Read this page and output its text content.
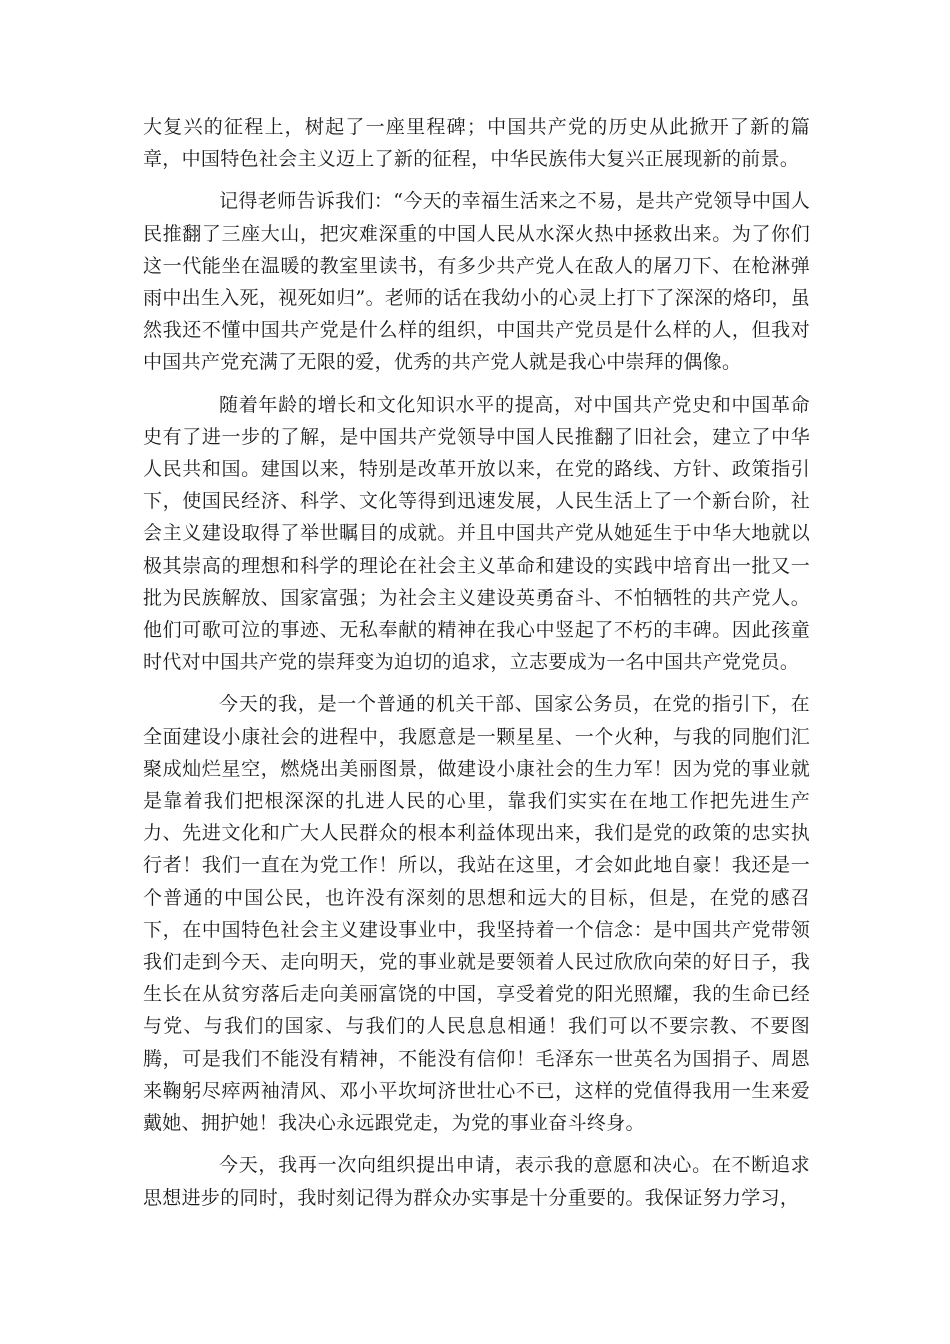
大复兴的征程上，树起了一座里程碑；中国共产党的历史从此掀开了新的篇章，中国特色社会主义迈上了新的征程，中华民族伟大复兴正展现新的前景。

记得老师告诉我们：“今天的幸福生活来之不易，是共产党领导中国人民推翻了三座大山，把灾难深重的中国人民从水深火热中拯救出来。为了你们这一代能坐在温暖的教室里读书，有多少共产党人在敌人的屠刀下、在枪淋弹雨中出生入死，视死如归”。老师的话在我幼小的心灵上打下了深深的烙印，虽然我还不懂中国共产党是什么样的组织，中国共产党员是什么样的人，但我对中国共产党充满了无限的爱，优秀的共产党人就是我心中崇拜的偶像。

随着年龄的增长和文化知识水平的提高，对中国共产党史和中国革命史有了进一步的了解，是中国共产党领导中国人民推翻了旧社会，建立了中华人民共和国。建国以来，特别是改革开放以来，在党的路线、方针、政策指引下，使国民经济、科学、文化等得到迅速发展，人民生活上了一个新台阶，社会主义建设取得了举世瞩目的成就。并且中国共产党从她延生于中华大地就以极其崇高的理想和科学的理论在社会主义革命和建设的实践中培育出一批又一批为民族解放、国家富强；为社会主义建设英勇奋斗、不怕牺牲的共产党人。他们可歌可泣的事迹、无私奉献的精神在我心中竖起了不朽的丰碑。因此孩童时代对中国共产党的崇拜变为迫切的追求，立志要成为一名中国共产党党员。

今天的我，是一个普通的机关干部、国家公务员，在党的指引下，在全面建设小康社会的进程中，我愿意是一颗星星、一个火种，与我的同胞们汇聚成灿烂星空，燃烧出美丽图景，做建设小康社会的生力军！因为党的事业就是靠着我们把根深深的扎进人民的心里，靠我们实实在在地工作把先进生产力、先进文化和广大人民群众的根本利益体现出来，我们是党的政策的忠实执行者！我们一直在为党工作！所以，我站在这里，才会如此地自豪！我还是一个普通的中国公民，也许没有深刻的思想和远大的目标，但是，在党的感召下，在中国特色社会主义建设事业中，我坚持着一个信念：是中国共产党带领我们走到今天、走向明天，党的事业就是要领着人民过欣欣向荣的好日子，我生长在从贫穷落后走向美丽富饶的中国，享受着党的阳光照耀，我的生命已经与党、与我们的国家、与我们的人民息息相通！我们可以不要宗教、不要图腾，可是我们不能没有精神，不能没有信仰！毛泽东一世英名为国捐子、周恩来鞠躬尽瘁两袖清风、邓小平坎坷济世壮心不已，这样的党值得我用一生来爱戴她、拥护她！我决心永远跟党走，为党的事业奋斗终身。

今天，我再一次向组织提出申请，表示我的意愿和决心。在不断追求思想进步的同时，我时刻记得为群众办实事是十分重要的。我保证努力学习，
